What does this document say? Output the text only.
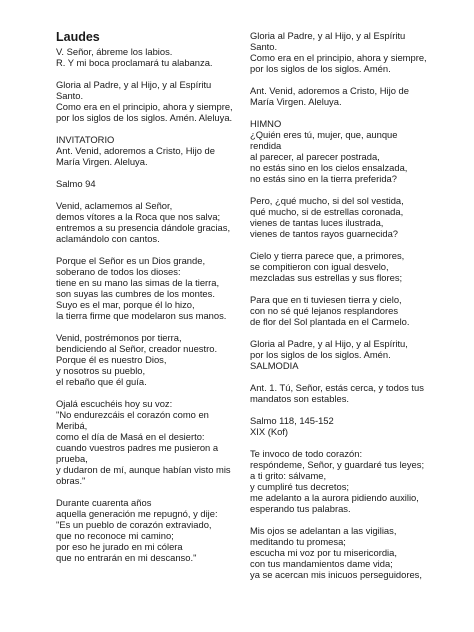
Laudes
V. Señor, ábreme los labios.
R. Y mi boca proclamará tu alabanza.
Gloria al Padre, y al Hijo, y al Espíritu
Santo.
Como era en el principio, ahora y siempre,
por los siglos de los siglos. Amén. Aleluya.
INVITATORIO
Ant. Venid, adoremos a Cristo, Hijo de
María Virgen. Aleluya.
Salmo 94
Venid, aclamemos al Señor,
demos vítores a la Roca que nos salva;
entremos a su presencia dándole gracias,
aclamándolo con cantos.
Porque el Señor es un Dios grande,
soberano de todos los dioses:
tiene en su mano las simas de la tierra,
son suyas las cumbres de los montes.
Suyo es el mar, porque él lo hizo,
la tierra firme que modelaron sus manos.
Venid, postrémonos por tierra,
bendiciendo al Señor, creador nuestro.
Porque él es nuestro Dios,
y nosotros su pueblo,
el rebaño que él guía.
Ojalá escuchéis hoy su voz:
"No endurezcáis el corazón como en
Meribá,
como el día de Masá en el desierto:
cuando vuestros padres me pusieron a
prueba,
y dudaron de mí, aunque habían visto mis
obras."
Durante cuarenta años
aquella generación me repugnó, y dije:
"Es un pueblo de corazón extraviado,
que no reconoce mi camino;
por eso he jurado en mi cólera
que no entrarán en mi descanso."
Gloria al Padre, y al Hijo, y al Espíritu
Santo.
Como era en el principio, ahora y siempre,
por los siglos de los siglos. Amén.
Ant. Venid, adoremos a Cristo, Hijo de
María Virgen. Aleluya.
HIMNO
¿Quién eres tú, mujer, que, aunque
rendida
al parecer, al parecer postrada,
no estás sino en los cielos ensalzada,
no estás sino en la tierra preferida?
Pero, ¿qué mucho, si del sol vestida,
qué mucho, si de estrellas coronada,
vienes de tantas luces ilustrada,
vienes de tantos rayos guarnecida?
Cielo y tierra parece que, a primores,
se compitieron con igual desvelo,
mezcladas sus estrellas y sus flores;
Para que en ti tuviesen tierra y cielo,
con no sé qué lejanos resplandores
de flor del Sol plantada en el Carmelo.
Gloria al Padre, y al Hijo, y al Espíritu,
por los siglos de los siglos. Amén.
SALMODIA
Ant. 1. Tú, Señor, estás cerca, y todos tus
mandatos son estables.
Salmo 118, 145-152
XIX (Kof)
Te invoco de todo corazón:
respóndeme, Señor, y guardaré tus leyes;
a ti grito: sálvame,
y cumpliré tus decretos;
me adelanto a la aurora pidiendo auxilio,
esperando tus palabras.
Mis ojos se adelantan a las vigilias,
meditando tu promesa;
escucha mi voz por tu misericordia,
con tus mandamientos dame vida;
ya se acercan mis inicuos perseguidores,
